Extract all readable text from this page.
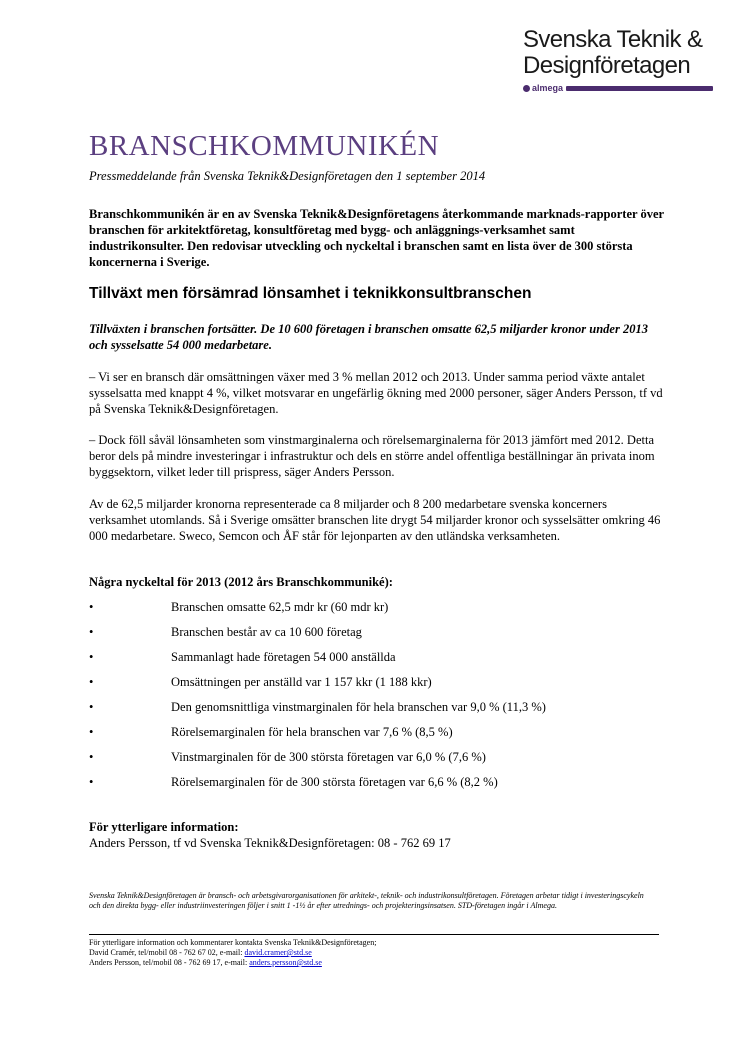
Svenska Teknik &
Designföretagen
almega
BRANSCHKOMMUNIKÉN
Pressmeddelande från Svenska Teknik&Designföretagen den 1 september 2014
Branschkommunikén är en av Svenska Teknik&Designföretagens återkommande marknads-rapporter över branschen för arkitektföretag, konsultföretag med bygg- och anläggnings-verksamhet samt industrikonsulter. Den redovisar utveckling och nyckeltal i branschen samt en lista över de 300 största koncernerna i Sverige.
Tillväxt men försämrad lönsamhet i teknikkonsultbranschen
Tillväxten i branschen fortsätter. De 10 600 företagen i branschen omsatte 62,5 miljarder kronor under 2013 och sysselsatte 54 000 medarbetare.
– Vi ser en bransch där omsättningen växer med 3 % mellan 2012 och 2013. Under samma period växte antalet sysselsatta med knappt 4 %, vilket motsvarar en ungefärlig ökning med 2000 personer, säger Anders Persson, tf vd på Svenska Teknik&Designföretagen.
– Dock föll såväl lönsamheten som vinstmarginalerna och rörelsemarginalerna för 2013 jämfört med 2012. Detta beror dels på mindre investeringar i infrastruktur och dels en större andel offentliga beställningar än privata inom byggsektorn, vilket leder till prispress, säger Anders Persson.
Av de 62,5 miljarder kronorna representerade ca 8 miljarder och 8 200 medarbetare svenska koncerners verksamhet utomlands. Så i Sverige omsätter branschen lite drygt 54 miljarder kronor och sysselsätter omkring 46 000 medarbetare. Sweco, Semcon och ÅF står för lejonparten av den utländska verksamheten.
Några nyckeltal för 2013 (2012 års Branschkommuniké):
•	Branschen omsatte 62,5 mdr kr (60 mdr kr)
•	Branschen består av ca 10 600 företag
•	Sammanlagt hade företagen 54 000 anställda
•	Omsättningen per anställd var 1 157 kkr (1 188 kkr)
•	Den genomsnittliga vinstmarginalen för hela branschen var 9,0 % (11,3 %)
•	Rörelsemarginalen för hela branschen var 7,6 % (8,5 %)
•	Vinstmarginalen för de 300 största företagen var 6,0 % (7,6 %)
•	Rörelsemarginalen för de 300 största företagen var 6,6 % (8,2 %)
För ytterligare information:
Anders Persson, tf vd Svenska Teknik&Designföretagen: 08 - 762 69 17
Svenska Teknik&Designföretagen är bransch- och arbetsgivarorganisationen för arkitekt-, teknik- och industrikonsultföretagen. Företagen arbetar tidigt i investeringscykeln och den direkta bygg- eller industriinvesteringen följer i snitt 1 -1½ år efter utrednings- och projekteringsinsatsen. STD-företagen ingår i Almega.
För ytterligare information och kommentarer kontakta Svenska Teknik&Designföretagen;
David Cramér, tel/mobil 08 - 762 67 02, e-mail: david.cramer@std.se
Anders Persson, tel/mobil 08 - 762 69 17, e-mail: anders.persson@std.se
